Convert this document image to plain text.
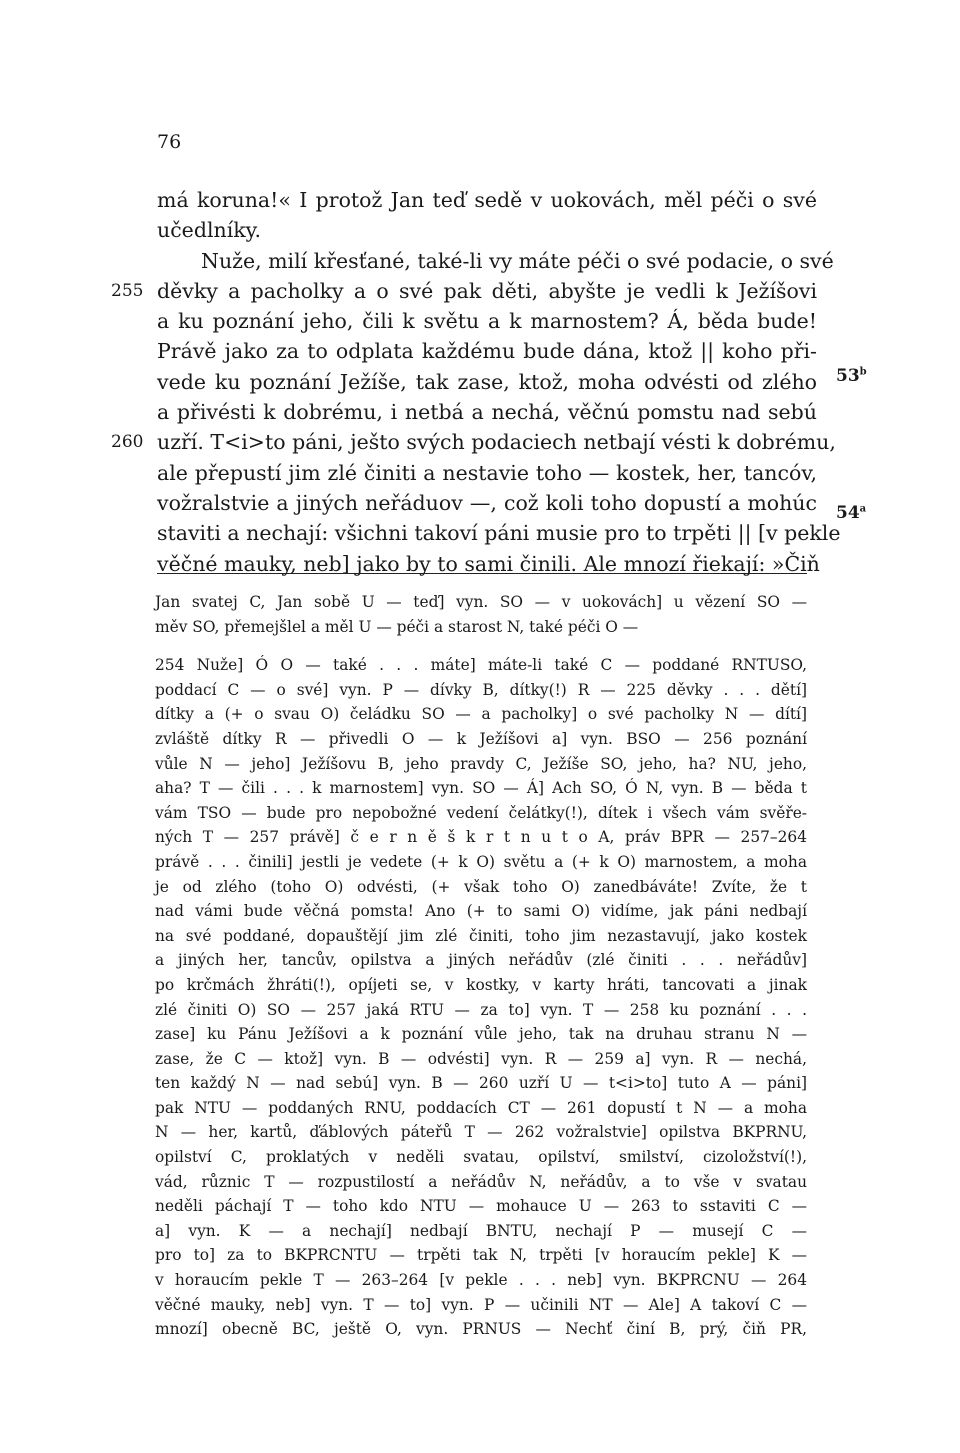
76
má koruna!« I protož Jan teď sedě v uokovách, měl péči o své
učedlníky.
Nuže, milí křesťané, také-li vy máte péči o své podacie, o své
255 děvky a pacholky a o své pak děti, abyšte je vedli k Ježíšovi
a ku poznání jeho, čili k světu a k marnostem? Á, běda bude!
Právě jako za to odplata každému bude dána, ktož || koho při-
vede ku poznání Ježíše, tak zase, ktož, moha odvésti od zlého
a přivésti k dobrému, i netbá a nechá, věčnú pomstu nad sebú
260 uzří. T<i>to páni, ješto svých podaciech netbají vésti k dobrému,
ale přepustí jim zlé činiti a nestavie toho — kostek, her, tancóv,
vožralstvie a jiných neřáduov —, což koli toho dopustí a mohúc
staviti a nechají: všichni takoví páni musie pro to trpěti || [v pekle
věčné mauky, neb] jako by to sami činili. Ale mnozí řiekají: »Čiň
53$^b$
54$^a$
Jan svatej C, Jan sobě U — teď] vyn. SO — v uokovách] u vězení SO —
měv SO, přemejšlel a měl U — péči a starost N, také péči O —
254 Nuže] Ó O — také . . . máte] máte-li také C — poddané RNTUSO,
poddací C — o své] vyn. P — dívky B, dítky(!) R — 225 děvky . . . dětí]
dítky a (+ o svau O) čeládku SO — a pacholky] o své pacholky N — dítí]
zvláště dítky R — přivedli O — k Ježíšovi a] vyn. BSO — 256 poznání
vůle N — jeho] Ježíšovu B, jeho pravdy C, Ježíše SO, jeho, ha? NU, jeho,
aha? T — čili . . . k marnostem] vyn. SO — Á] Ach SO, Ó N, vyn. B — běda t
vám TSO — bude pro nepobožné vedení čelátky(!), dítek i všech vám svěře-
ných T — 257 právě] č e r n ě š k r t n u t o A, práv BPR — 257–264
právě . . . činili] jestli je vedete (+ k O) světu a (+ k O) marnostem, a moha
je od zlého (toho O) odvésti, (+ však toho O) zanedbáváte! Zvíte, že t
nad vámi bude věčná pomsta! Ano (+ to sami O) vidíme, jak páni nedbají
na své poddané, dopauštějí jim zlé činiti, toho jim nezastavují, jako kostek
a jiných her, tancův, opilstva a jiných neřádův (zlé činiti . . . neřádův]
po krčmách žhráti(!), opíjeti se, v kostky, v karty hráti, tancovati a jinak
zlé činiti O) SO — 257 jaká RTU — za to] vyn. T — 258 ku poznání . . .
zase] ku Pánu Ježíšovi a k poznání vůle jeho, tak na druhau stranu N —
zase, že C — ktož] vyn. B — odvésti] vyn. R — 259 a] vyn. R — nechá,
ten každý N — nad sebú] vyn. B — 260 uzří U — t<i>to] tuto A — páni]
pak NTU — poddaných RNU, poddacích CT — 261 dopustí t N — a moha
N — her, kartů, ďáblových páteřů T — 262 vožralstvie] opilstva BKPRNU,
opilství C, proklatých v neděli svatau, opilství, smilství, cizoložství(!),
vád, různic T — rozpustilostí a neřádův N, neřádův, a to vše v svatau
neděli páchají T — toho kdo NTU — mohauce U — 263 to sstaviti C —
a] vyn. K — a nechají] nedbají BNTU, nechají P — musejí C —
pro to] za to BKPRCNTU — trpěti tak N, trpěti [v horaucím pekle] K —
v horaucím pekle T — 263–264 [v pekle . . . neb] vyn. BKPRCNU — 264
věčné mauky, neb] vyn. T — to] vyn. P — učinili NT — Ale] A takoví C —
mnozí] obecně BC, ještě O, vyn. PRNUS — Nechť činí B, prý, čiň PR,
